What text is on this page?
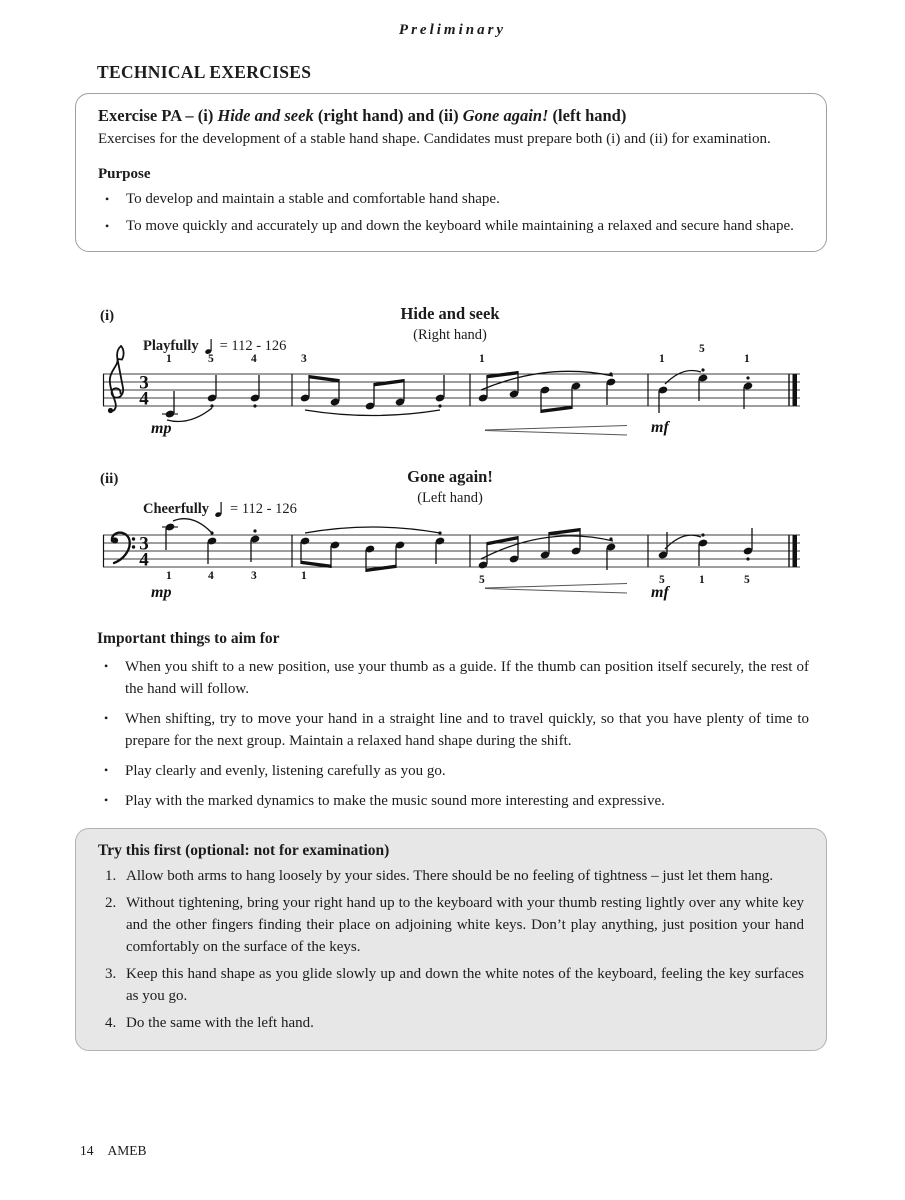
Preliminary
TECHNICAL EXERCISES
Exercise PA – (i) Hide and seek (right hand) and (ii) Gone again! (left hand)
Exercises for the development of a stable hand shape. Candidates must prepare both (i) and (ii) for examination.
Purpose
•	To develop and maintain a stable and comfortable hand shape.
•	To move quickly and accurately up and down the keyboard while maintaining a relaxed and secure hand shape.
(i)	Hide and seek
(Right hand)
Playfully = 112 - 126
3
4
1	5	4	3	1	1
5
1
mp	mf
(ii)	Gone again!
(Left hand)
Cheerfully = 112 - 126
3
4
1	4	3	1	5	5	1	5
mp	mf
Important things to aim for
•	When you shift to a new position, use your thumb as a guide. If the thumb can position itself securely, the rest of the hand will follow.
•	When shifting, try to move your hand in a straight line and to travel quickly, so that you have plenty of time to prepare for the next group. Maintain a relaxed hand shape during the shift.
•	Play clearly and evenly, listening carefully as you go.
•	Play with the marked dynamics to make the music sound more interesting and expressive.
Try this first (optional: not for examination)
1. Allow both arms to hang loosely by your sides. There should be no feeling of tightness – just let them hang.
2. Without tightening, bring your right hand up to the keyboard with your thumb resting lightly over any white key and the other fingers finding their place on adjoining white keys. Don’t play anything, just position your hand comfortably on the surface of the keys.
3. Keep this hand shape as you glide slowly up and down the white notes of the keyboard, feeling the key surfaces as you go.
4. Do the same with the left hand.
14 AMEB
